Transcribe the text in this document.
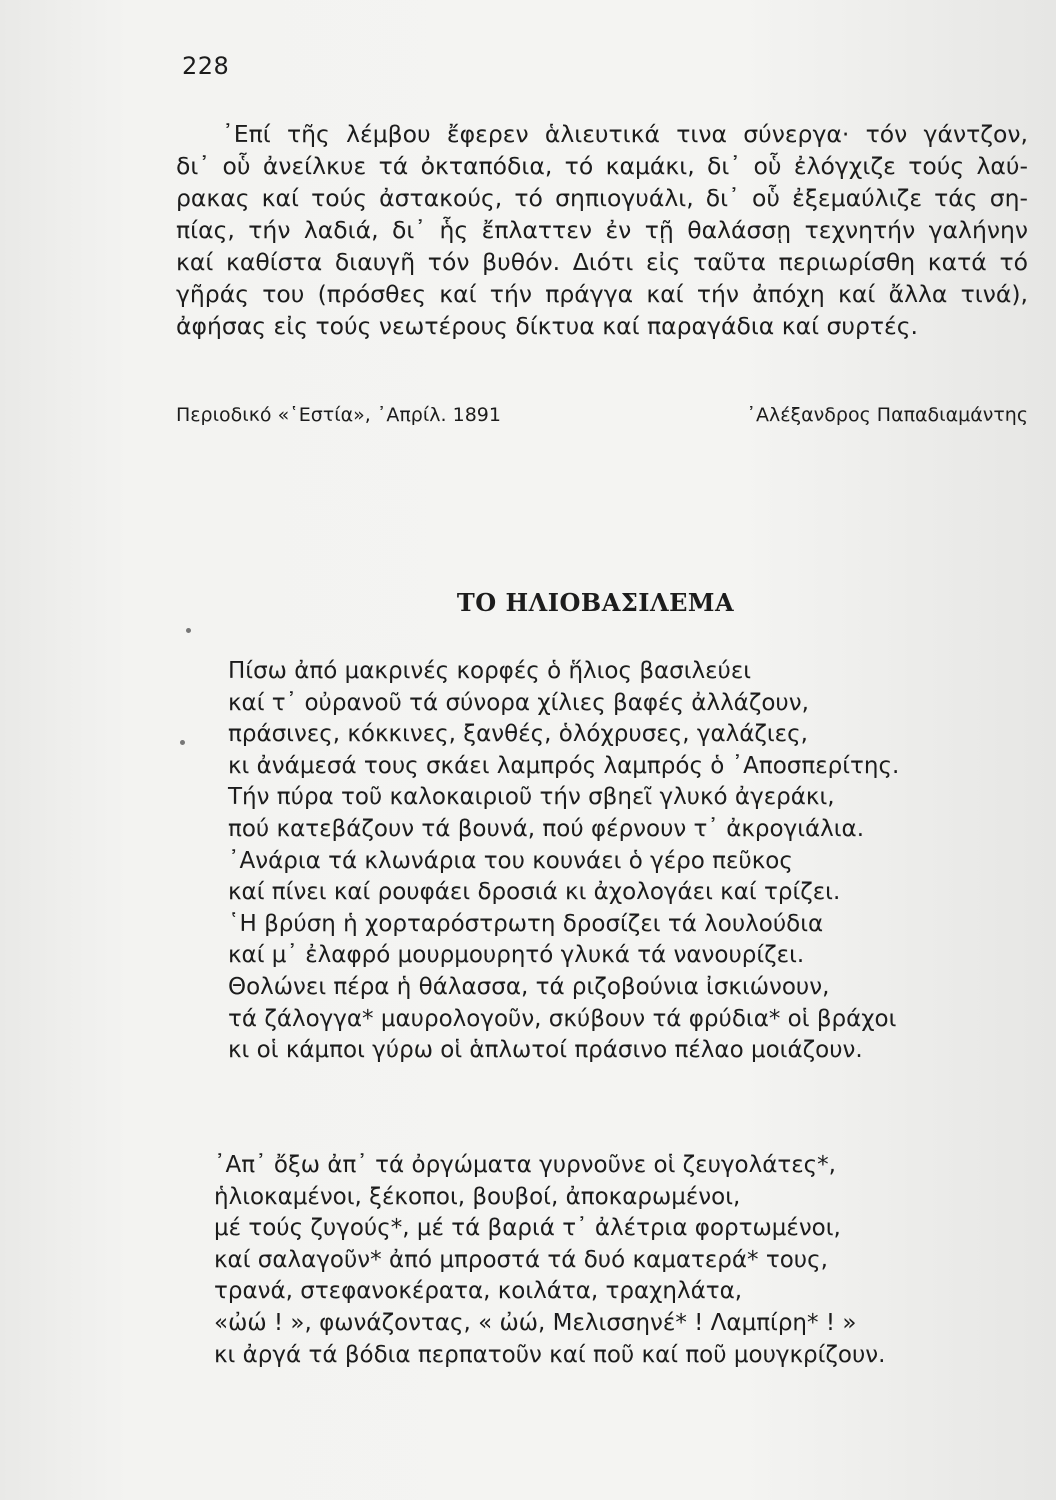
228
᾿Επί τῆς λέμβου ἔφερεν ἁλιευτικά τινα σύνεργα· τόν γάντζον,
δι᾿ οὗ ἀνείλκυε τά ὀκταπόδια, τό καμάκι, δι᾿ οὗ ἐλόγχιζε τούς λαύ-
ρακας καί τούς ἀστακούς, τό σηπιογυάλι, δι᾿ οὗ ἐξεμαύλιζε τάς ση-
πίας, τήν λαδιά, δι᾿ ἧς ἔπλαττεν ἐν τῇ θαλάσσῃ τεχνητήν γαλήνην
καί καθίστα διαυγῆ τόν βυθόν. Διότι εἰς ταῦτα περιωρίσθη κατά τό
γῆράς του (πρόσθες καί τήν πράγγα καί τήν ἀπόχη καί ἄλλα τινά),
ἀφήσας εἰς τούς νεωτέρους δίκτυα καί παραγάδια καί συρτές.
Περιοδικό «῾Εστία», ᾿Απρίλ. 1891	᾿Αλέξανδρος Παπαδιαμάντης
ΤΟ ΗΛΙΟΒΑΣΙΛΕΜΑ
Πίσω ἀπό μακρινές κορφές ὁ ἥλιος βασιλεύει
καί τ᾿ οὐρανοῦ τά σύνορα χίλιες βαφές ἀλλάζουν,
πράσινες, κόκκινες, ξανθές, ὁλόχρυσες, γαλάζιες,
κι ἀνάμεσά τους σκάει λαμπρός λαμπρός ὁ ᾿Αποσπερίτης.
Τήν πύρα τοῦ καλοκαιριοῦ τήν σβηεῖ γλυκό ἀγεράκι,
πού κατεβάζουν τά βουνά, πού φέρνουν τ᾿ ἀκρογιάλια.
᾿Ανάρια τά κλωνάρια του κουνάει ὁ γέρο πεῦκος
καί πίνει καί ρουφάει δροσιά κι ἀχολογάει καί τρίζει.
῾Η βρύση ἡ χορταρόστρωτη δροσίζει τά λουλούδια
καί μ᾿ ἐλαφρό μουρμουρητό γλυκά τά νανουρίζει.
Θολώνει πέρα ἡ θάλασσα, τά ριζοβούνια ἰσκιώνουν,
τά ζάλογγα* μαυρολογοῦν, σκύβουν τά φρύδια* οἱ βράχοι
κι οἱ κάμποι γύρω οἱ ἁπλωτοί πράσινο πέλαο μοιάζουν.
᾿Απ᾿ ὄξω ἀπ᾿ τά ὀργώματα γυρνοῦνε οἱ ζευγολάτες*,
ἡλιοκαμένοι, ξέκοποι, βουβοί, ἀποκαρωμένοι,
μέ τούς ζυγούς*, μέ τά βαριά τ᾿ ἀλέτρια φορτωμένοι,
καί σαλαγοῦν* ἀπό μπροστά τά δυό καματερά* τους,
τρανά, στεφανοκέρατα, κοιλάτα, τραχηλάτα,
«ὠώ ! », φωνάζοντας, « ὠώ, Μελισσηνέ* ! Λαμπίρη* ! »
κι ἀργά τά βόδια περπατοῦν καί ποῦ καί ποῦ μουγκρίζουν.
